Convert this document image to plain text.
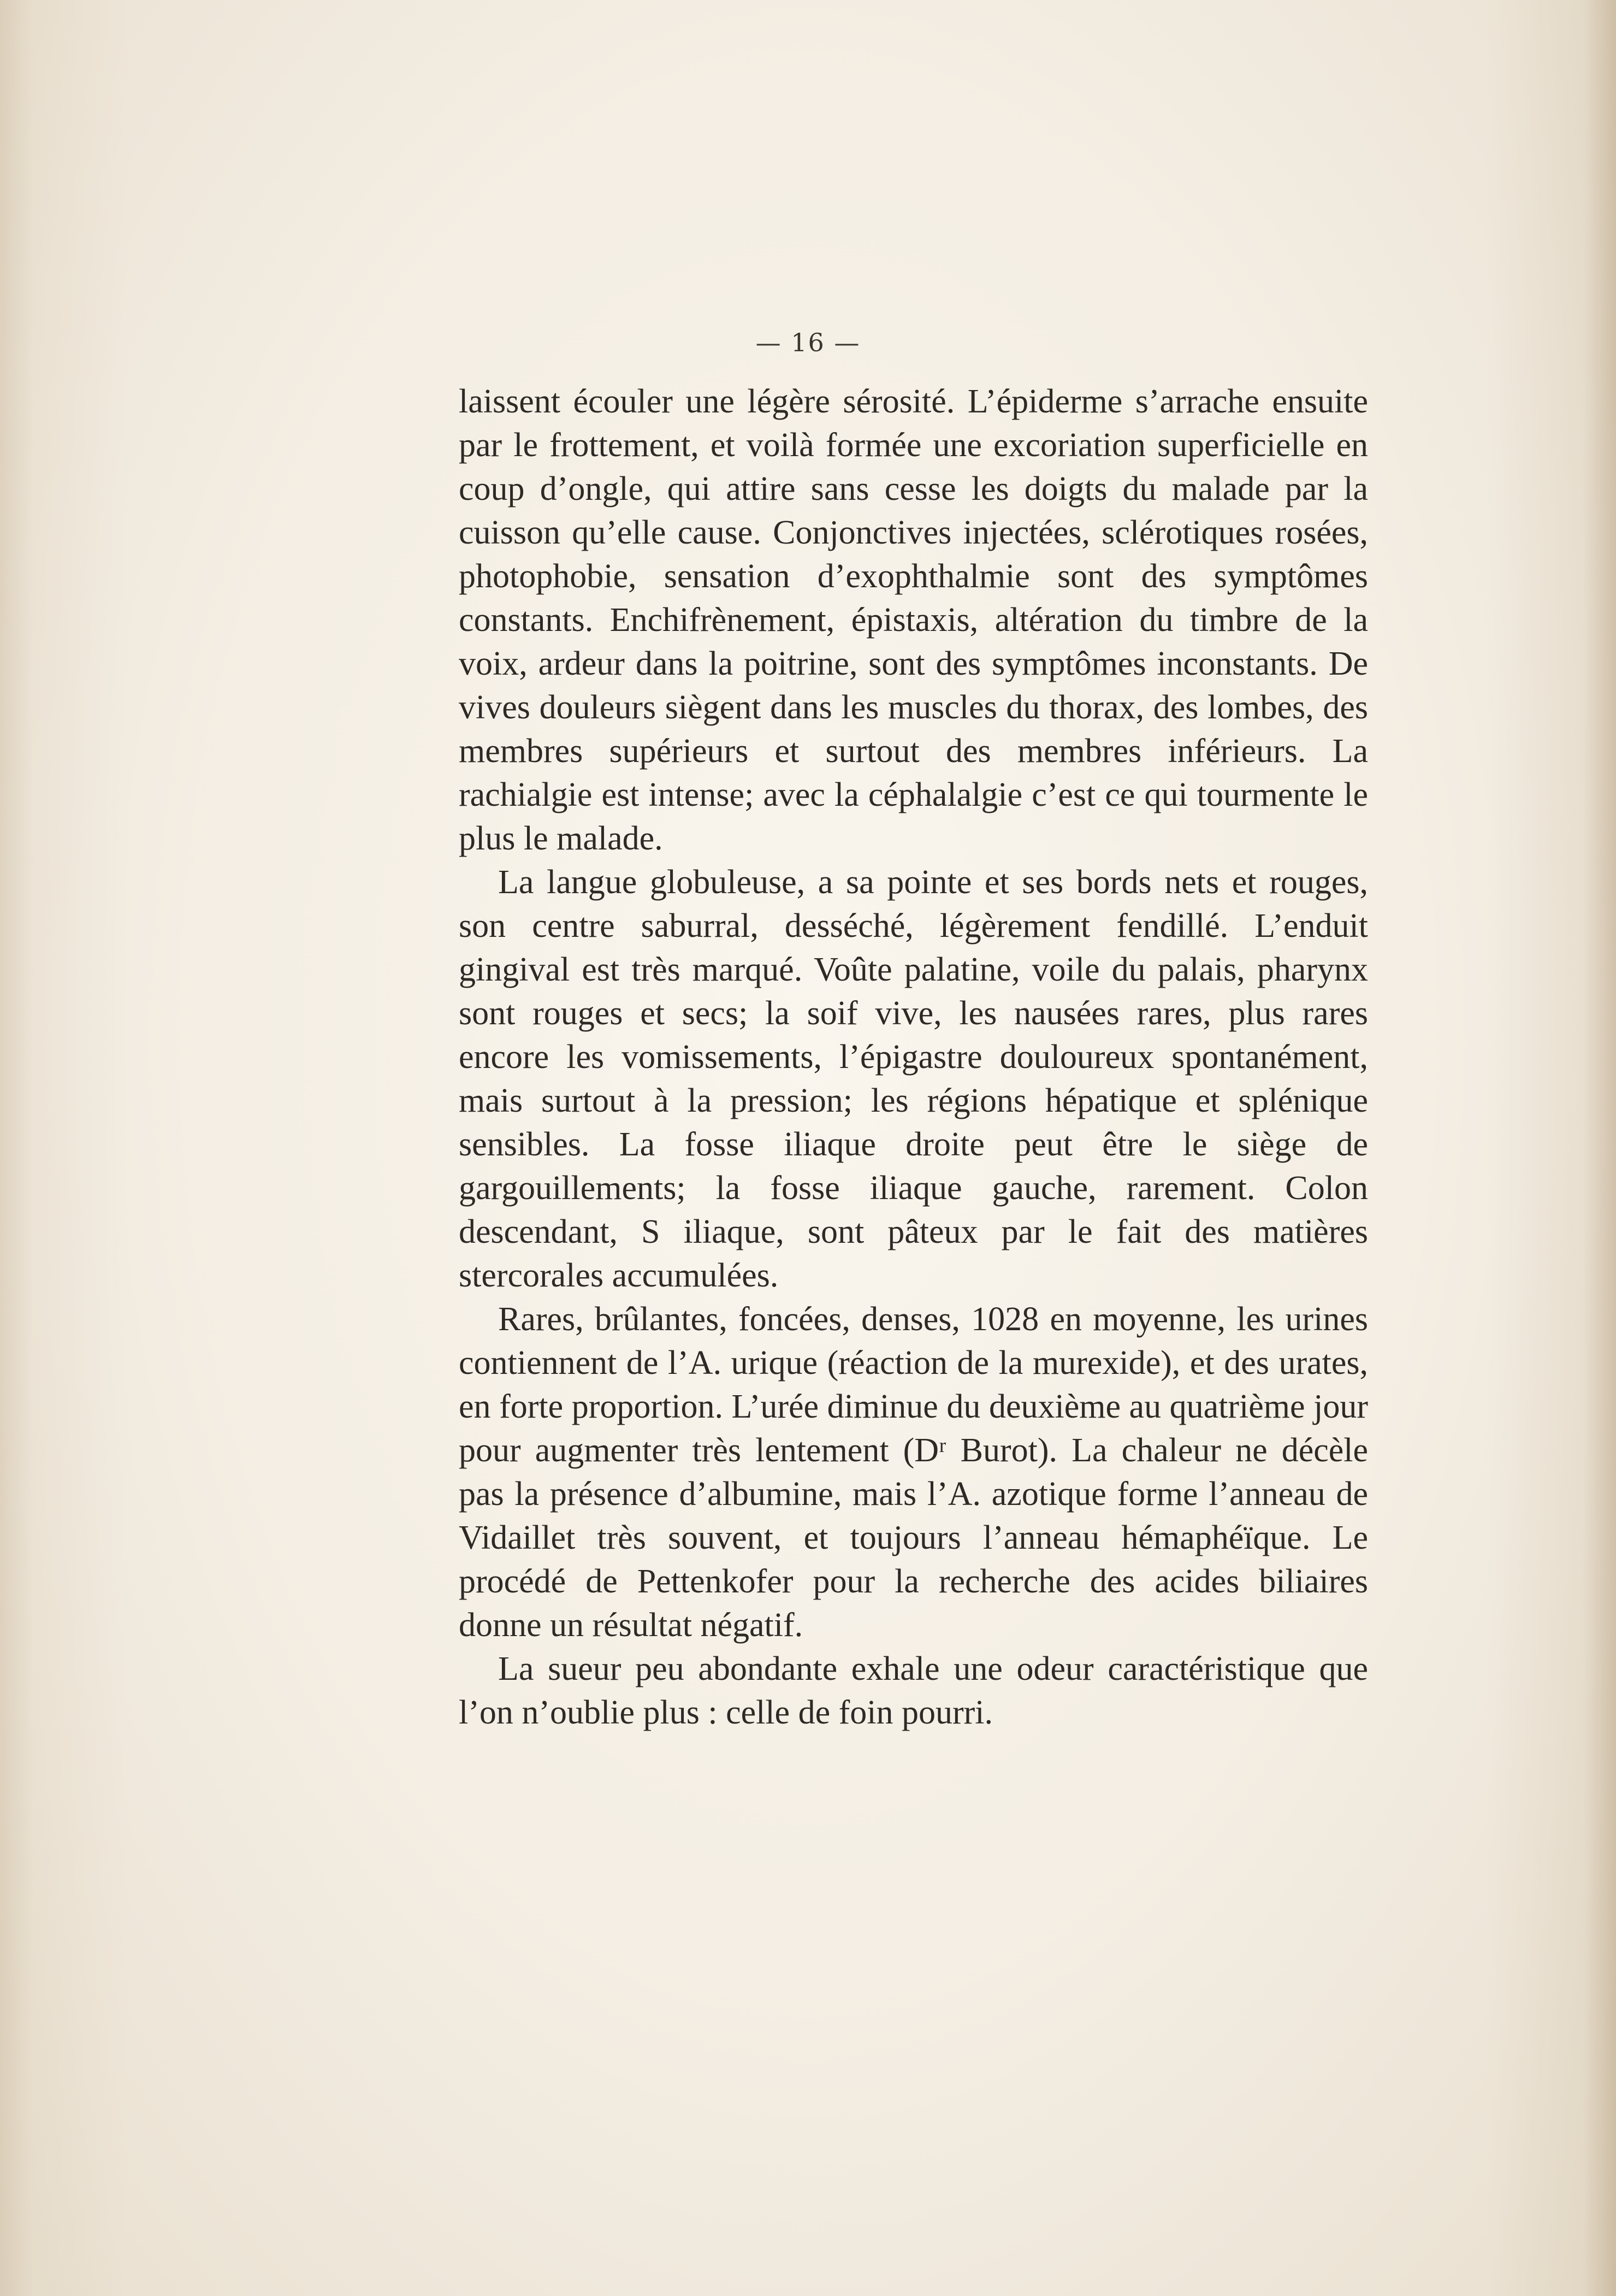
— 16 —

laissent écouler une légère sérosité. L’épiderme s’arrache ensuite par le frottement, et voilà formée une excoriation superficielle en coup d’ongle, qui attire sans cesse les doigts du malade par la cuisson qu’elle cause. Conjonctives injectées, sclérotiques rosées, photophobie, sensation d’exophthalmie sont des symptômes constants. Enchifrènement, épistaxis, altération du timbre de la voix, ardeur dans la poitrine, sont des symptômes inconstants. De vives douleurs siègent dans les muscles du thorax, des lombes, des membres supérieurs et surtout des membres inférieurs. La rachialgie est intense; avec la céphalalgie c’est ce qui tourmente le plus le malade.

La langue globuleuse, a sa pointe et ses bords nets et rouges, son centre saburral, desséché, légèrement fendillé. L’enduit gingival est très marqué. Voûte palatine, voile du palais, pharynx sont rouges et secs; la soif vive, les nausées rares, plus rares encore les vomissements, l’épigastre douloureux spontanément, mais surtout à la pression; les régions hépatique et splénique sensibles. La fosse iliaque droite peut être le siège de gargouillements; la fosse iliaque gauche, rarement. Colon descendant, S iliaque, sont pâteux par le fait des matières stercorales accumulées.

Rares, brûlantes, foncées, denses, 1028 en moyenne, les urines contiennent de l’A. urique (réaction de la murexide), et des urates, en forte proportion. L’urée diminue du deuxième au quatrième jour pour augmenter très lentement (Dʳ Burot). La chaleur ne décèle pas la présence d’albumine, mais l’A. azotique forme l’anneau de Vidaillet très souvent, et toujours l’anneau hémaphéïque. Le procédé de Pettenkofer pour la recherche des acides biliaires donne un résultat négatif.

La sueur peu abondante exhale une odeur caractéristique que l’on n’oublie plus : celle de foin pourri.
